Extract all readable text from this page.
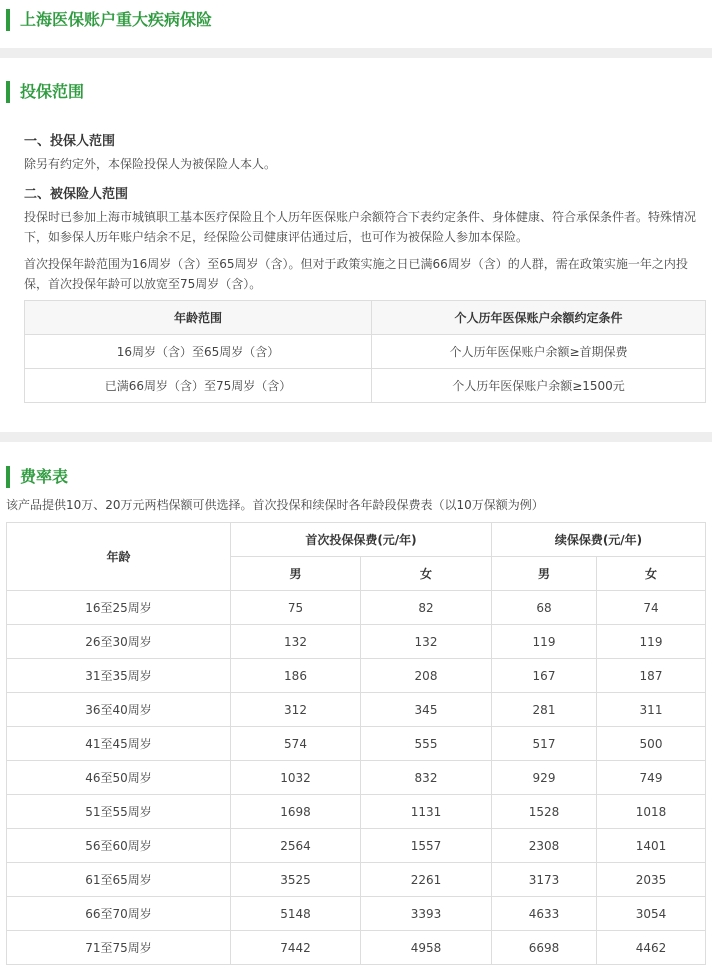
上海医保账户重大疾病保险
投保范围
一、投保人范围
除另有约定外，本保险投保人为被保险人本人。
二、被保险人范围
投保时已参加上海市城镇职工基本医疗保险且个人历年医保账户余额符合下表约定条件、身体健康、符合承保条件者。特殊情况下，如参保人历年账户结余不足，经保险公司健康评估通过后，也可作为被保险人参加本保险。
首次投保年龄范围为16周岁（含）至65周岁（含）。但对于政策实施之日已满66周岁（含）的人群，需在政策实施一年之内投保，首次投保年龄可以放宽至75周岁（含）。
年龄范围	个人历年医保账户余额约定条件
16周岁（含）至65周岁（含）	个人历年医保账户余额≥首期保费
已满66周岁（含）至75周岁（含）	个人历年医保账户余额≥1500元
费率表
该产品提供10万、20万元两档保额可供选择。首次投保和续保时各年龄段保费表（以10万保额为例）
年龄	首次投保保费(元/年)		续保保费(元/年)	
	男	女	男	女
16至25周岁	75	82	68	74
26至30周岁	132	132	119	119
31至35周岁	186	208	167	187
36至40周岁	312	345	281	311
41至45周岁	574	555	517	500
46至50周岁	1032	832	929	749
51至55周岁	1698	1131	1528	1018
56至60周岁	2564	1557	2308	1401
61至65周岁	3525	2261	3173	2035
66至70周岁	5148	3393	4633	3054
71至75周岁	7442	4958	6698	4462
